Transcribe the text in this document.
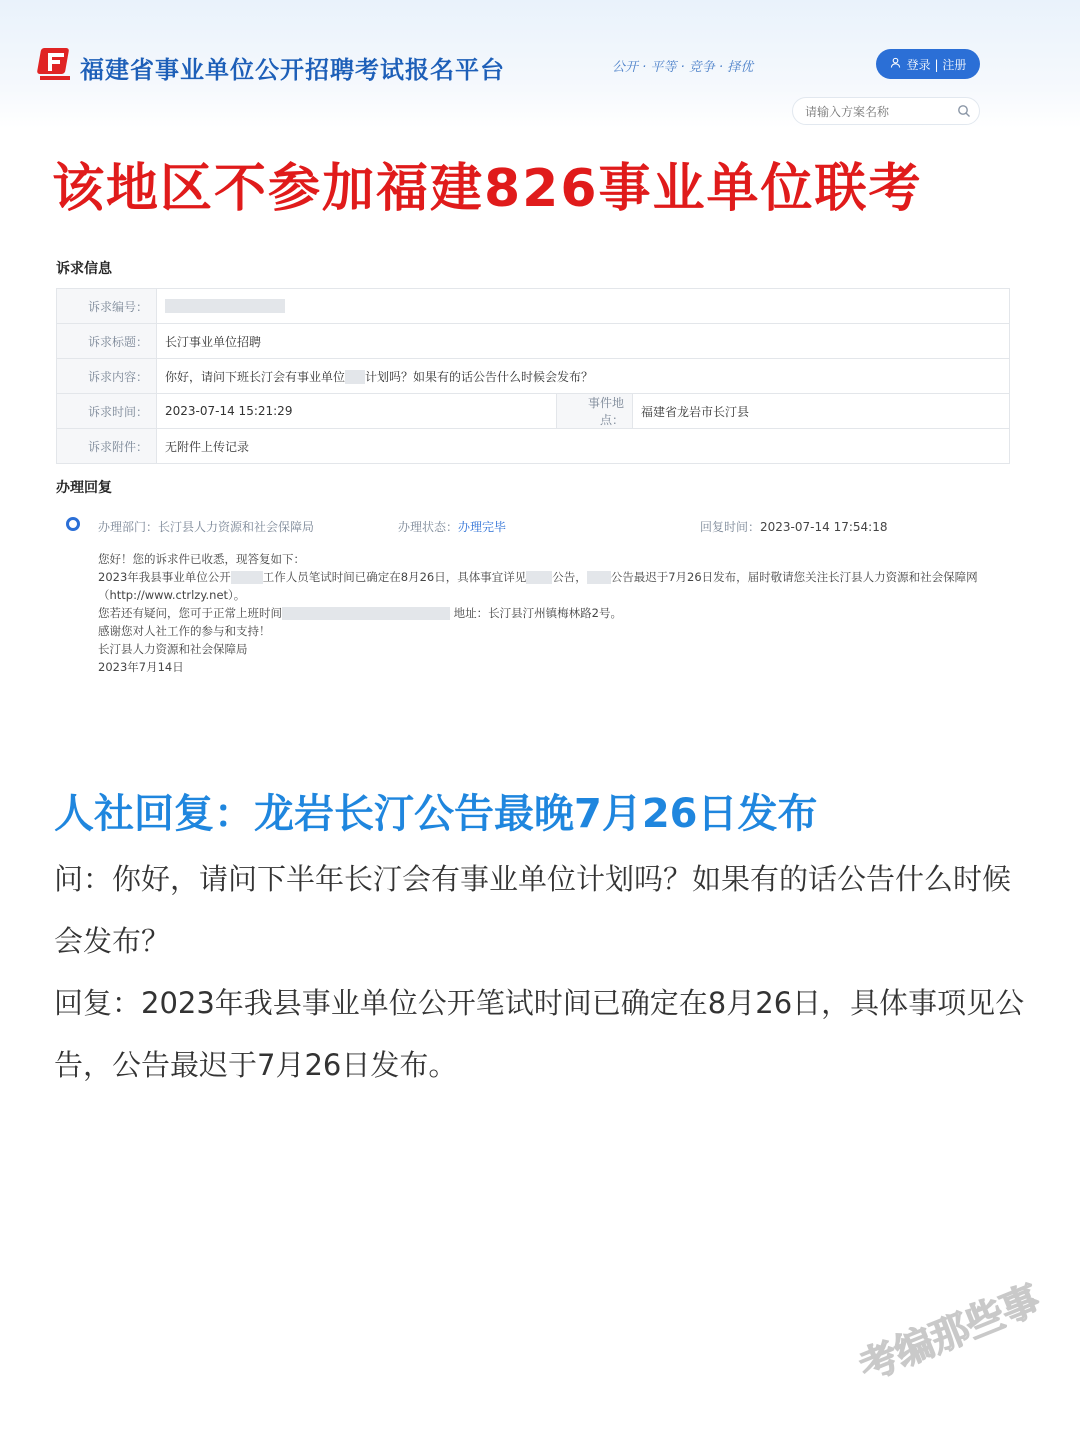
福建省事业单位公开招聘考试报名平台	公开 · 平等 · 竞争 · 择优	登录 | 注册
请输入方案名称
该地区不参加福建826事业单位联考
诉求信息
诉求编号：			
诉求标题：	长汀事业单位招聘		
诉求内容：	你好，请问下班长汀会有事业单位 计划吗？如果有的话公告什么时候会发布？		
诉求时间：	2023-07-14 15:21:29	事件地点：	福建省龙岩市长汀县
诉求附件：	无附件上传记录		
办理回复
办理部门：长汀县人力资源和社会保障局	办理状态：办理完毕	回复时间：2023-07-14 17:54:18
您好！您的诉求件已收悉，现答复如下：
2023年我县事业单位公开	工作人员笔试时间已确定在8月26日，具体事宜详见 公告， 公告最迟于7月26日发布，届时敬请您关注长汀县人力资源和社会保障网
（http://www.ctrlzy.net）。
您若还有疑问，您可于正常上班时间	地址：长汀县汀州镇梅林路2号。
感谢您对人社工作的参与和支持！
长汀县人力资源和社会保障局
2023年7月14日
人社回复：龙岩长汀公告最晚7月26日发布
问：你好，请问下半年长汀会有事业单位计划吗？如果有的话公告什么时候会发布？
回复：2023年我县事业单位公开笔试时间已确定在8月26日，具体事项见公告，公告最迟于7月26日发布。
考编那些事
